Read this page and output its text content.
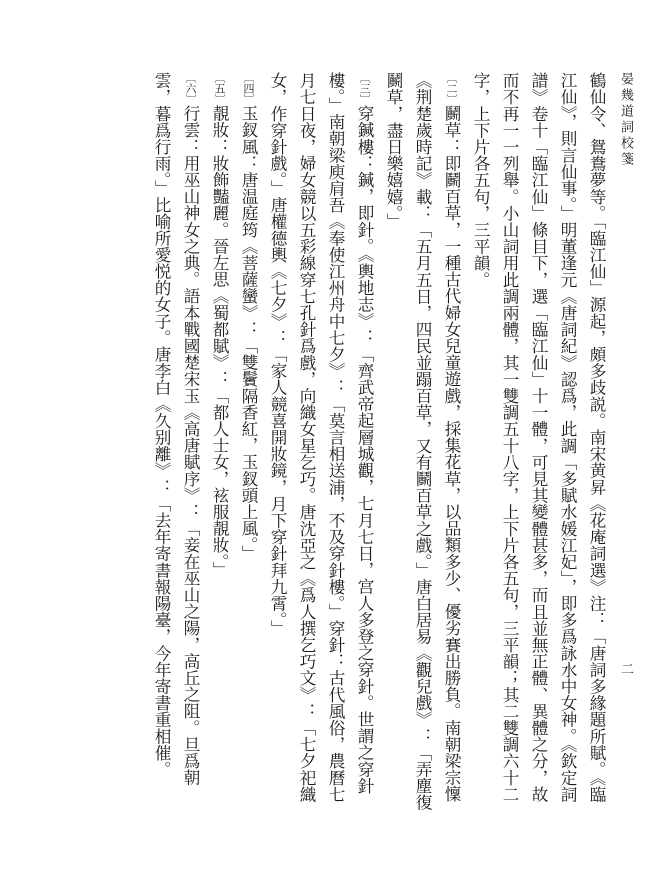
晏幾道詞校箋
二

鶴仙令、鴛鴦夢等。「臨江仙」源起，頗多歧説。南宋黄昇《花庵詞選》注：「唐詞多緣題所賦。《臨江仙》，則言仙事。」明董逢元《唐詞紀》認爲，此調「多賦水媛江妃」，即多爲詠水中女神。《欽定詞譜》卷十「臨江仙」條目下，選「臨江仙」十一體，可見其變體甚多，而且並無正體、異體之分，故而不再一一列舉。小山詞用此調兩體，其一雙調五十八字，上下片各五句，三平韻；其二雙調六十二字，上下片各五句，三平韻。

〔二〕鬭草：即鬭百草，一種古代婦女兒童遊戲，採集花草，以品類多少、優劣賽出勝負。南朝梁宗懍《荆楚歲時記》載：「五月五日，四民並蹋百草，又有鬭百草之戲。」唐白居易《觀兒戲》：「弄塵復鬭草，盡日樂嬉嬉。」

〔三〕穿鍼樓：鍼，即針。《輿地志》：「齊武帝起層城觀，七月七日，宫人多登之穿針。世謂之穿針樓。」南朝梁庾肩吾《奉使江州舟中七夕》：「莫言相送浦，不及穿針樓。」穿針：古代風俗，農曆七月七日夜，婦女競以五彩線穿七孔針爲戲，向織女星乞巧。唐沈亞之《爲人撰乞巧文》：「七夕祀織女，作穿針戲。」唐權德輿《七夕》：「家人競喜開妝鏡，月下穿針拜九霄。」

〔四〕玉釵風：唐温庭筠《菩薩蠻》：「雙鬢隔香紅，玉釵頭上風。」

〔五〕靚妝：妝飾豔麗。晉左思《蜀都賦》：「都人士女，袨服靚妝。」

〔六〕行雲：用巫山神女之典。語本戰國楚宋玉《高唐賦序》：「妾在巫山之陽，高丘之阻。旦爲朝雲，暮爲行雨。」比喻所愛悦的女子。唐李白《久别離》：「去年寄書報陽臺，今年寄書重相催。
